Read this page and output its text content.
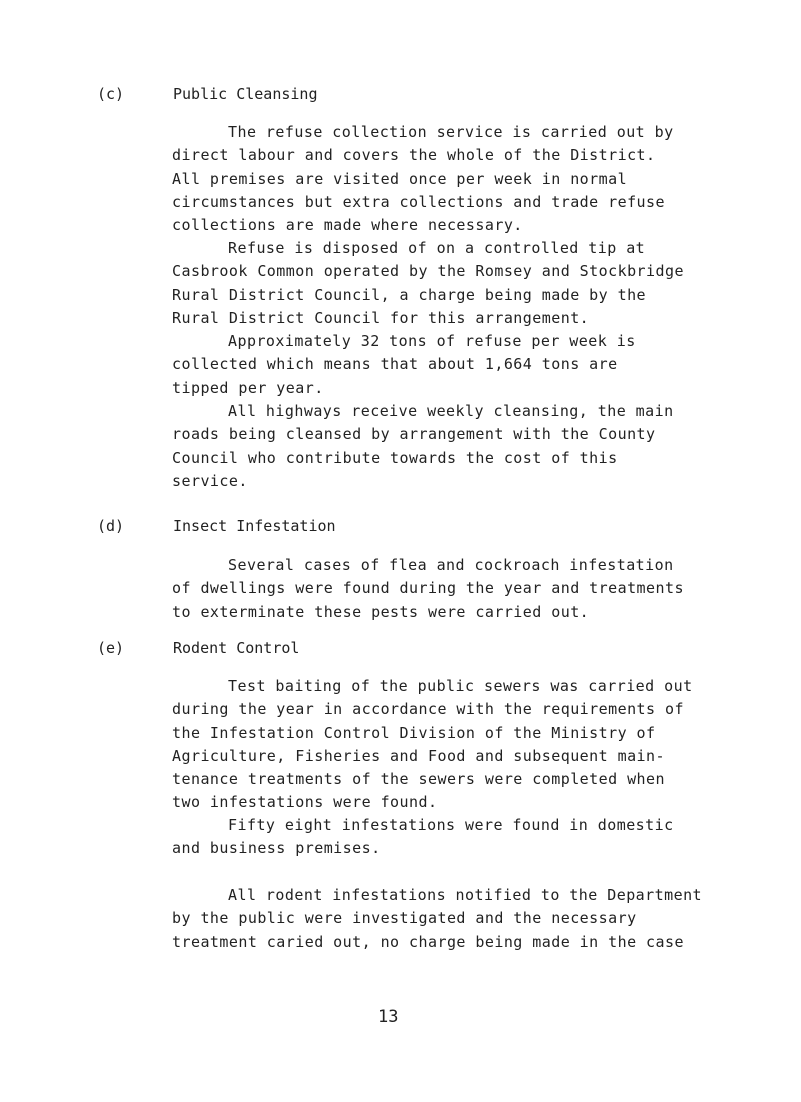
(c)	Public Cleansing
The refuse collection service is carried out by
direct labour and covers the whole of the District.
All premises are visited once per week in normal
circumstances but extra collections and trade refuse
collections are made where necessary.
Refuse is disposed of on a controlled tip at
Casbrook Common operated by the Romsey and Stockbridge
Rural District Council, a charge being made by the
Rural District Council for this arrangement.
Approximately 32 tons of refuse per week is
collected which means that about 1,664 tons are
tipped per year.
All highways receive weekly cleansing, the main
roads being cleansed by arrangement with the County
Council who contribute towards the cost of this
service.
(d)	Insect Infestation
Several cases of flea and cockroach infestation
of dwellings were found during the year and treatments
to exterminate these pests were carried out.
(e)	Rodent Control
Test baiting of the public sewers was carried out
during the year in accordance with the requirements of
the Infestation Control Division of the Ministry of
Agriculture, Fisheries and Food and subsequent main-
tenance treatments of the sewers were completed when
two infestations were found.
Fifty eight infestations were found in domestic
and business premises.
All rodent infestations notified to the Department
by the public were investigated and the necessary
treatment caried out, no charge being made in the case
13
